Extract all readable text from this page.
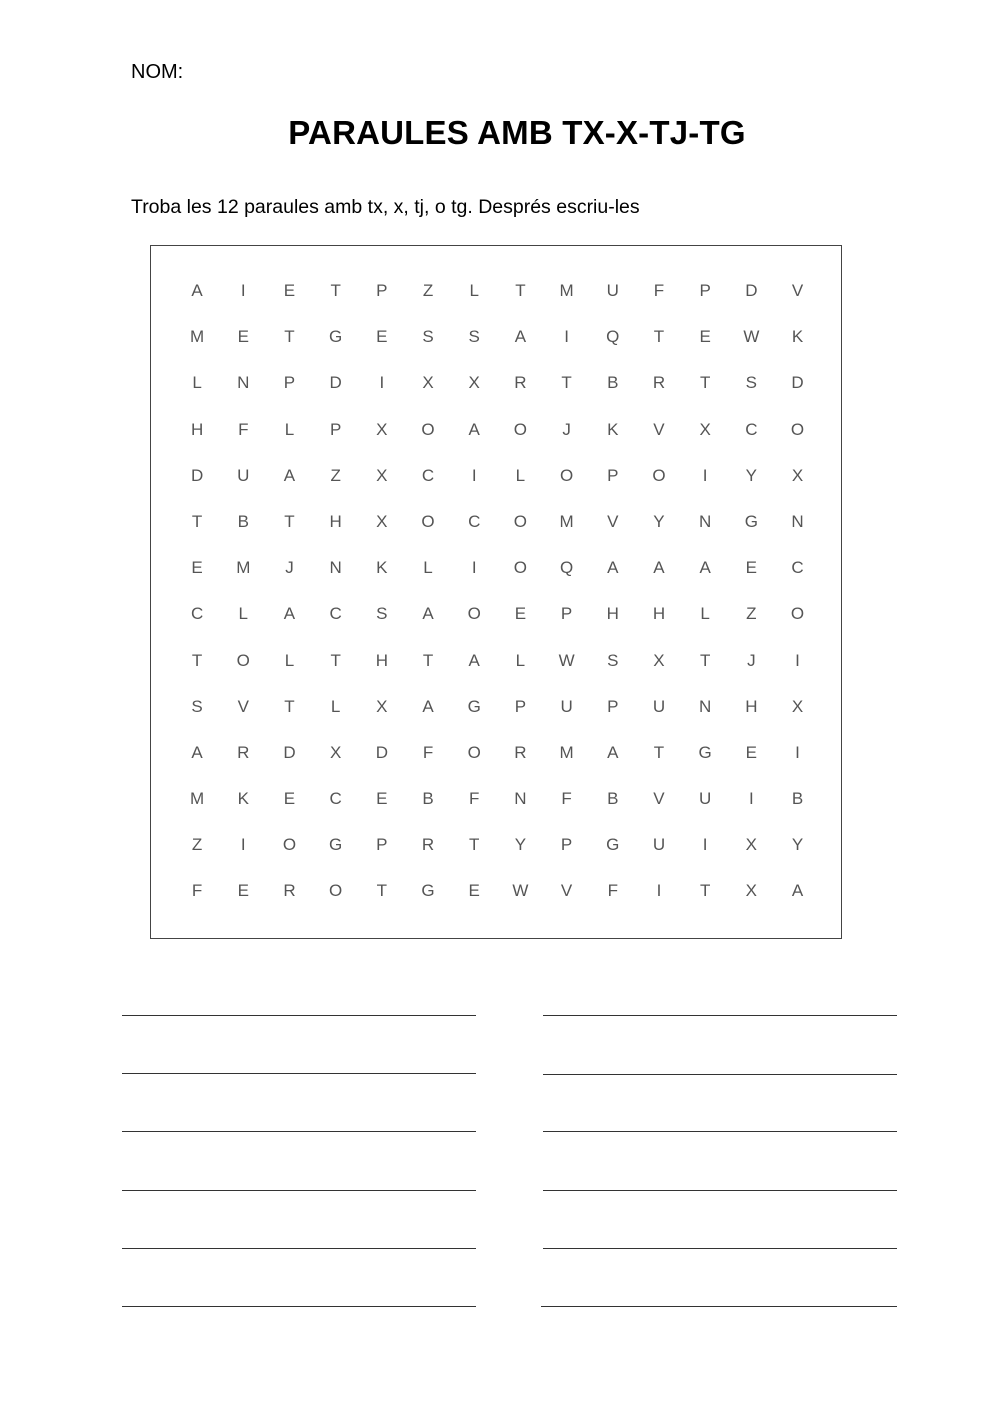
NOM:
PARAULES AMB TX-X-TJ-TG
Troba les 12 paraules amb tx, x, tj, o tg. Després escriu-les
A	I	E	T	P	Z	L	T	M	U	F	P	D	V
M	E	T	G	E	S	S	A	I	Q	T	E	W	K
L	N	P	D	I	X	X	R	T	B	R	T	S	D
H	F	L	P	X	O	A	O	J	K	V	X	C	O
D	U	A	Z	X	C	I	L	O	P	O	I	Y	X
T	B	T	H	X	O	C	O	M	V	Y	N	G	N
E	M	J	N	K	L	I	O	Q	A	A	A	E	C
C	L	A	C	S	A	O	E	P	H	H	L	Z	O
T	O	L	T	H	T	A	L	W	S	X	T	J	I
S	V	T	L	X	A	G	P	U	P	U	N	H	X
A	R	D	X	D	F	O	R	M	A	T	G	E	I
M	K	E	C	E	B	F	N	F	B	V	U	I	B
Z	I	O	G	P	R	T	Y	P	G	U	I	X	Y
F	E	R	O	T	G	E	W	V	F	I	T	X	A
